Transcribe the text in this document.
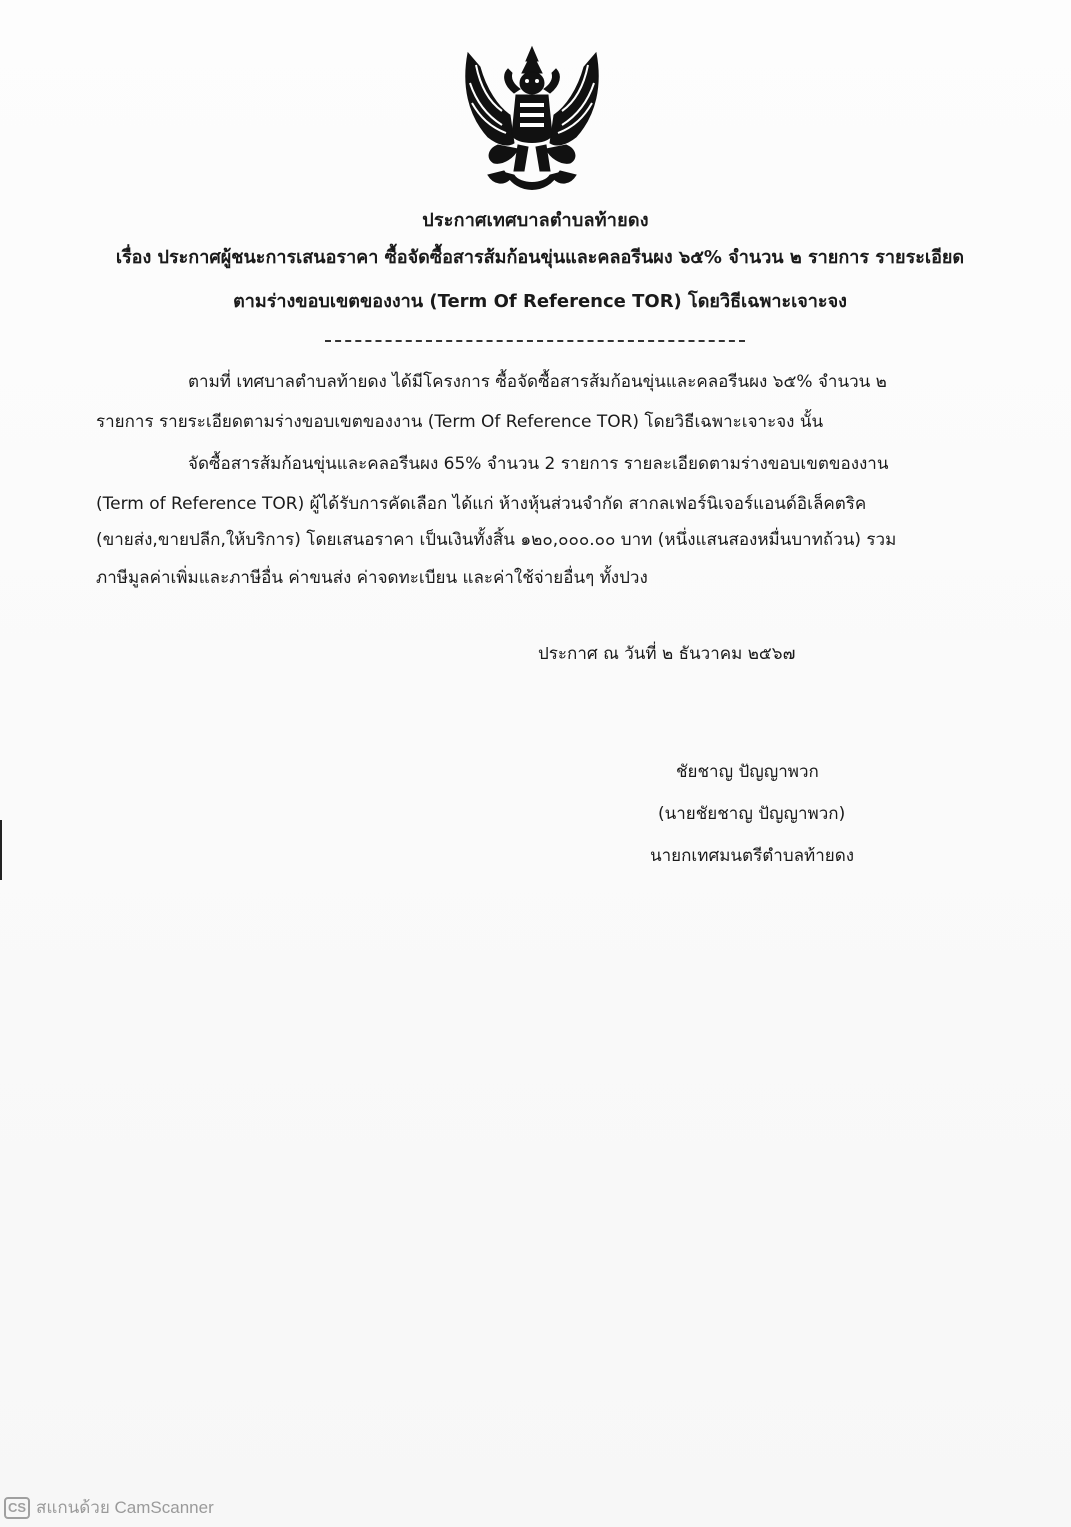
ประกาศเทศบาลตำบลท้ายดง
เรื่อง ประกาศผู้ชนะการเสนอราคา ซื้อจัดซื้อสารส้มก้อนขุ่นและคลอรีนผง ๖๕% จำนวน ๒ รายการ รายระเอียด
ตามร่างขอบเขตของงาน (Term Of Reference TOR) โดยวิธีเฉพาะเจาะจง
ตามที่ เทศบาลตำบลท้ายดง ได้มีโครงการ ซื้อจัดซื้อสารส้มก้อนขุ่นและคลอรีนผง ๖๕% จำนวน ๒
รายการ รายระเอียดตามร่างขอบเขตของงาน (Term Of Reference TOR) โดยวิธีเฉพาะเจาะจง นั้น
จัดซื้อสารส้มก้อนขุ่นและคลอรีนผง 65% จำนวน 2 รายการ รายละเอียดตามร่างขอบเขตของงาน
(Term of Reference TOR) ผู้ได้รับการคัดเลือก ได้แก่ ห้างหุ้นส่วนจำกัด สากลเฟอร์นิเจอร์แอนด์อิเล็คตริค
(ขายส่ง,ขายปลีก,ให้บริการ) โดยเสนอราคา เป็นเงินทั้งสิ้น ๑๒๐,๐๐๐.๐๐ บาท (หนึ่งแสนสองหมื่นบาทถ้วน) รวม
ภาษีมูลค่าเพิ่มและภาษีอื่น ค่าขนส่ง ค่าจดทะเบียน และค่าใช้จ่ายอื่นๆ ทั้งปวง
ประกาศ ณ วันที่ ๒ ธันวาคม ๒๕๖๗
ชัยชาญ ปัญญาพวก
(นายชัยชาญ ปัญญาพวก)
นายกเทศมนตรีตำบลท้ายดง
CS สแกนด้วย CamScanner
